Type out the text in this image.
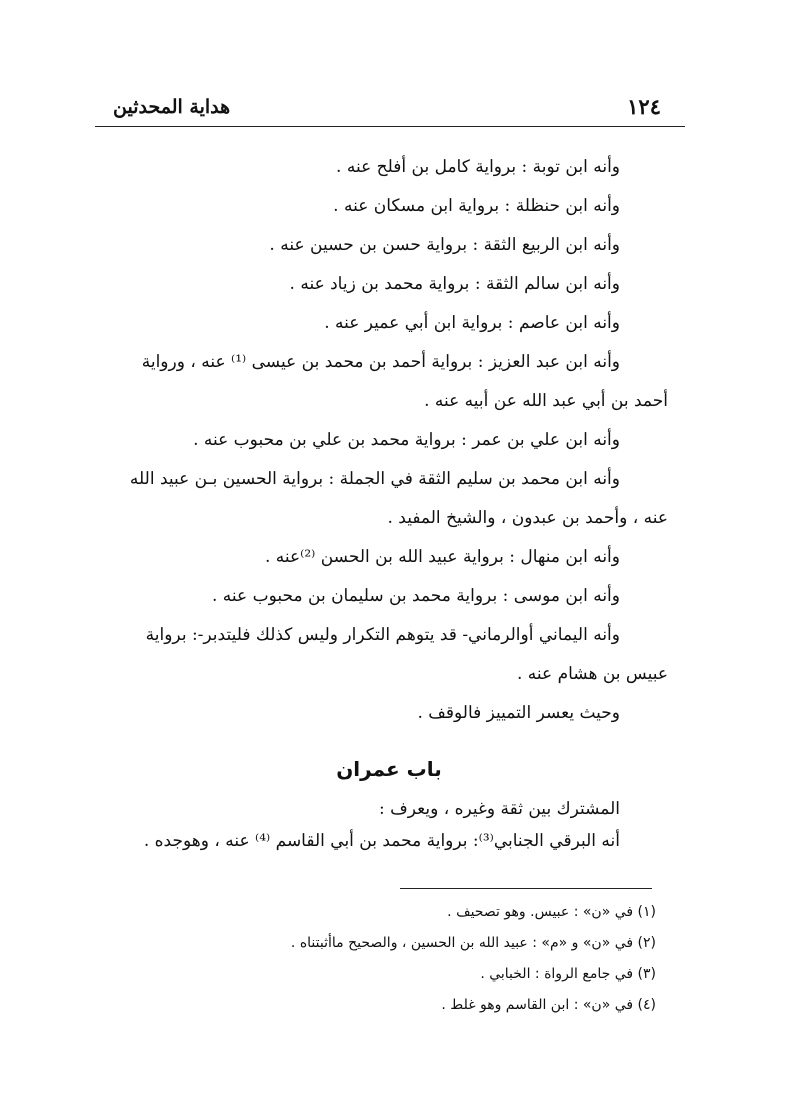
هداية المحدثين	١٢٤

وأنه ابن توبة : برواية كامل بن أفلح عنه .

وأنه ابن حنظلة : برواية ابن مسكان عنه .

وأنه ابن الربيع الثقة : برواية حسن بن حسين عنه .

وأنه ابن سالم الثقة : برواية محمد بن زياد عنه .

وأنه ابن عاصم : برواية ابن أبي عمير عنه .

وأنه ابن عبد العزيز : برواية أحمد بن محمد بن عيسى ⁽¹⁾ عنه ، ورواية

أحمد بن أبي عبد الله عن أبيه عنه .

وأنه ابن علي بن عمر : برواية محمد بن علي بن محبوب عنه .

وأنه ابن محمد بن سليم الثقة في الجملة : برواية الحسين بـن عبيد الله

عنه ، وأحمد بن عبدون ، والشيخ المفيد .

وأنه ابن منهال : برواية عبيد الله بن الحسن ⁽²⁾عنه .

وأنه ابن موسى : برواية محمد بن سليمان بن محبوب عنه .

وأنه اليماني أوالرماني- قد يتوهم التكرار وليس كذلك فليتدبر-: برواية

عبيس بن هشام عنه .

وحيث يعسر التمييز فالوقف .

باب عمران

المشترك بين ثقة وغيره ، ويعرف :

أنه البرقي الجنابي⁽³⁾: برواية محمد بن أبي القاسم ⁽⁴⁾ عنه ، وهوجده .

(١) في «ن» : عبيس. وهو تصحيف .

(٢) في «ن» و «م» : عبيد الله بن الحسين ، والصحيح ماأثبتناه .

(٣) في جامع الرواة : الخبابي .

(٤) في «ن» : ابن القاسم وهو غلط .
